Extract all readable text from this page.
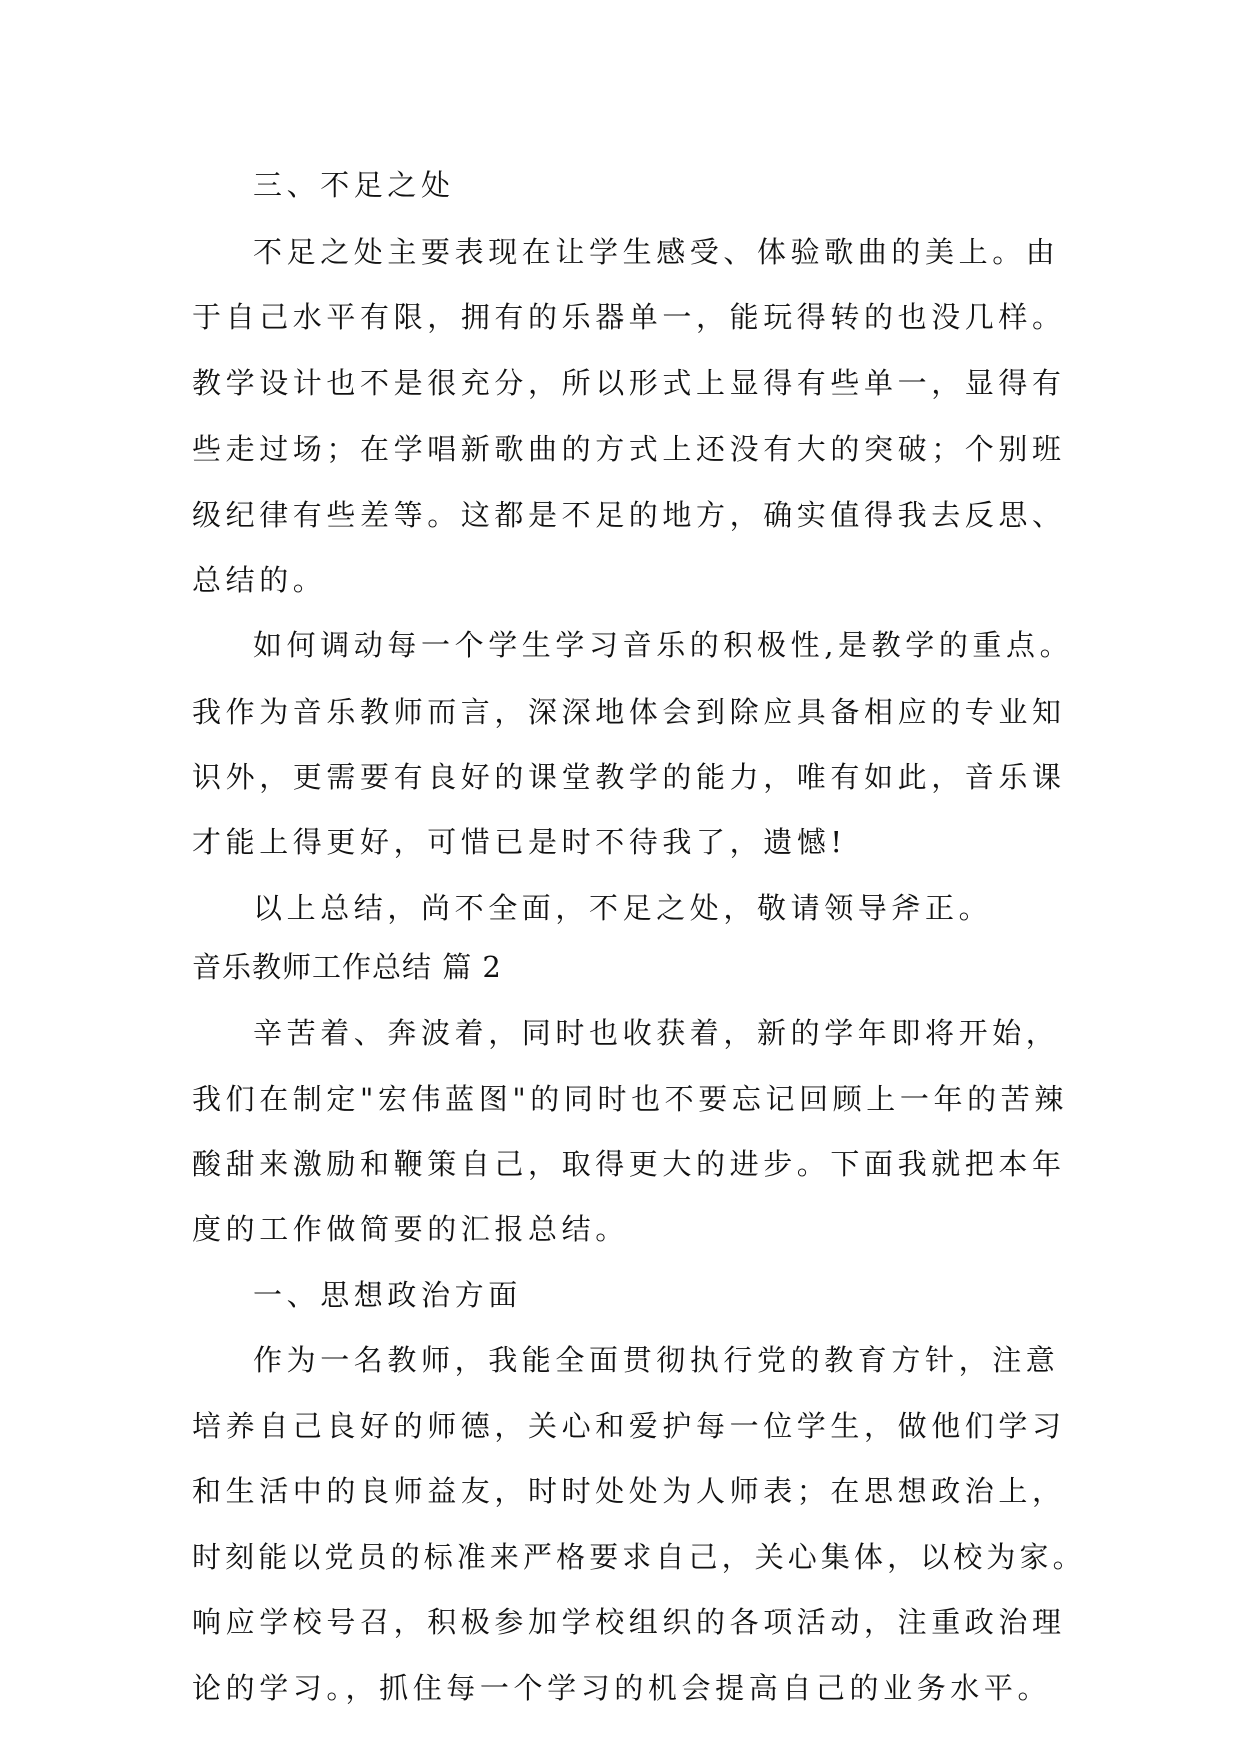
三、不足之处

不足之处主要表现在让学生感受、体验歌曲的美上。由

于自己水平有限，拥有的乐器单一，能玩得转的也没几样。

教学设计也不是很充分，所以形式上显得有些单一，显得有

些走过场；在学唱新歌曲的方式上还没有大的突破；个别班

级纪律有些差等。这都是不足的地方，确实值得我去反思、

总结的。

如何调动每一个学生学习音乐的积极性,是教学的重点。

我作为音乐教师而言，深深地体会到除应具备相应的专业知

识外，更需要有良好的课堂教学的能力，唯有如此，音乐课

才能上得更好，可惜已是时不待我了，遗憾!

以上总结，尚不全面，不足之处，敬请领导斧正。

音乐教师工作总结 篇 2

辛苦着、奔波着，同时也收获着，新的学年即将开始，

我们在制定"宏伟蓝图"的同时也不要忘记回顾上一年的苦辣

酸甜来激励和鞭策自己，取得更大的进步。下面我就把本年

度的工作做简要的汇报总结。

一、思想政治方面

作为一名教师，我能全面贯彻执行党的教育方针，注意

培养自己良好的师德，关心和爱护每一位学生，做他们学习

和生活中的良师益友，时时处处为人师表；在思想政治上，

时刻能以党员的标准来严格要求自己，关心集体，以校为家。

响应学校号召，积极参加学校组织的各项活动，注重政治理

论的学习。，抓住每一个学习的机会提高自己的业务水平。
